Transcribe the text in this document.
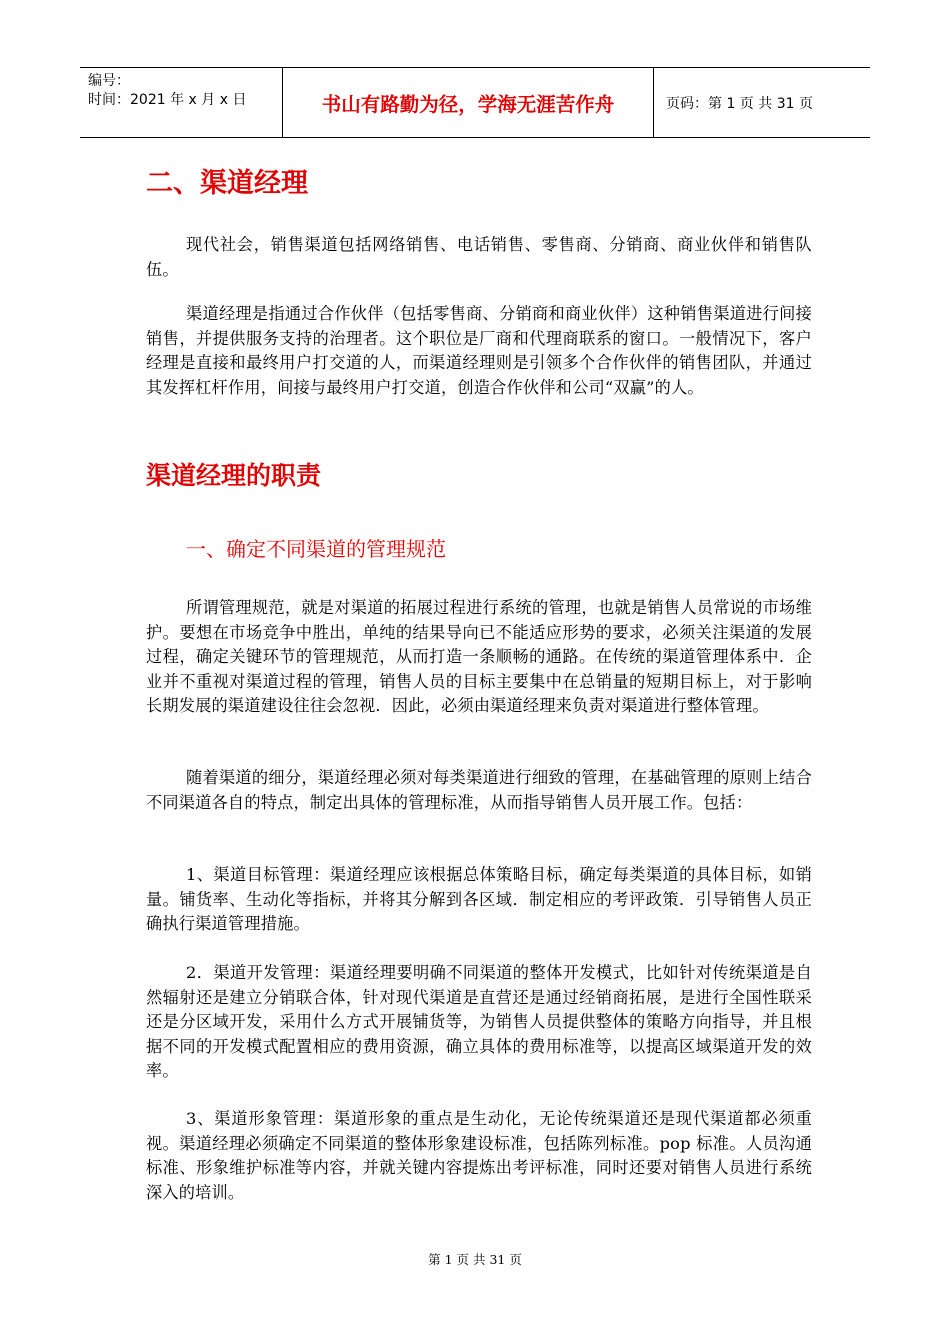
编号：
时间：2021 年 x 月 x 日	书山有路勤为径，学海无涯苦作舟	页码：第 1 页 共 31 页
二、渠道经理

现代社会，销售渠道包括网络销售、电话销售、零售商、分销商、商业伙伴和销售队伍。

渠道经理是指通过合作伙伴（包括零售商、分销商和商业伙伴）这种销售渠道进行间接销售，并提供服务支持的治理者。这个职位是厂商和代理商联系的窗口。一般情况下，客户经理是直接和最终用户打交道的人，而渠道经理则是引领多个合作伙伴的销售团队，并通过其发挥杠杆作用，间接与最终用户打交道，创造合作伙伴和公司“双赢”的人。

渠道经理的职责
一、确定不同渠道的管理规范

所谓管理规范，就是对渠道的拓展过程进行系统的管理，也就是销售人员常说的市场维护。要想在市场竞争中胜出，单纯的结果导向已不能适应形势的要求，必须关注渠道的发展过程，确定关键环节的管理规范，从而打造一条顺畅的通路。在传统的渠道管理体系中．企业并不重视对渠道过程的管理，销售人员的目标主要集中在总销量的短期目标上，对于影响长期发展的渠道建设往往会忽视．因此，必须由渠道经理来负责对渠道进行整体管理。

随着渠道的细分，渠道经理必须对每类渠道进行细致的管理，在基础管理的原则上结合不同渠道各自的特点，制定出具体的管理标准，从而指导销售人员开展工作。包括：

1、渠道目标管理：渠道经理应该根据总体策略目标，确定每类渠道的具体目标，如销量。铺货率、生动化等指标，并将其分解到各区域．制定相应的考评政策．引导销售人员正确执行渠道管理措施。

2．渠道开发管理：渠道经理要明确不同渠道的整体开发模式，比如针对传统渠道是自然辐射还是建立分销联合体，针对现代渠道是直营还是通过经销商拓展，是进行全国性联采还是分区域开发，采用什么方式开展铺货等，为销售人员提供整体的策略方向指导，并且根据不同的开发模式配置相应的费用资源，确立具体的费用标准等，以提高区域渠道开发的效率。

3、渠道形象管理：渠道形象的重点是生动化，无论传统渠道还是现代渠道都必须重视。渠道经理必须确定不同渠道的整体形象建设标准，包括陈列标准。pop 标准。人员沟通标准、形象维护标准等内容，并就关键内容提炼出考评标准，同时还要对销售人员进行系统深入的培训。

第 1 页 共 31 页
